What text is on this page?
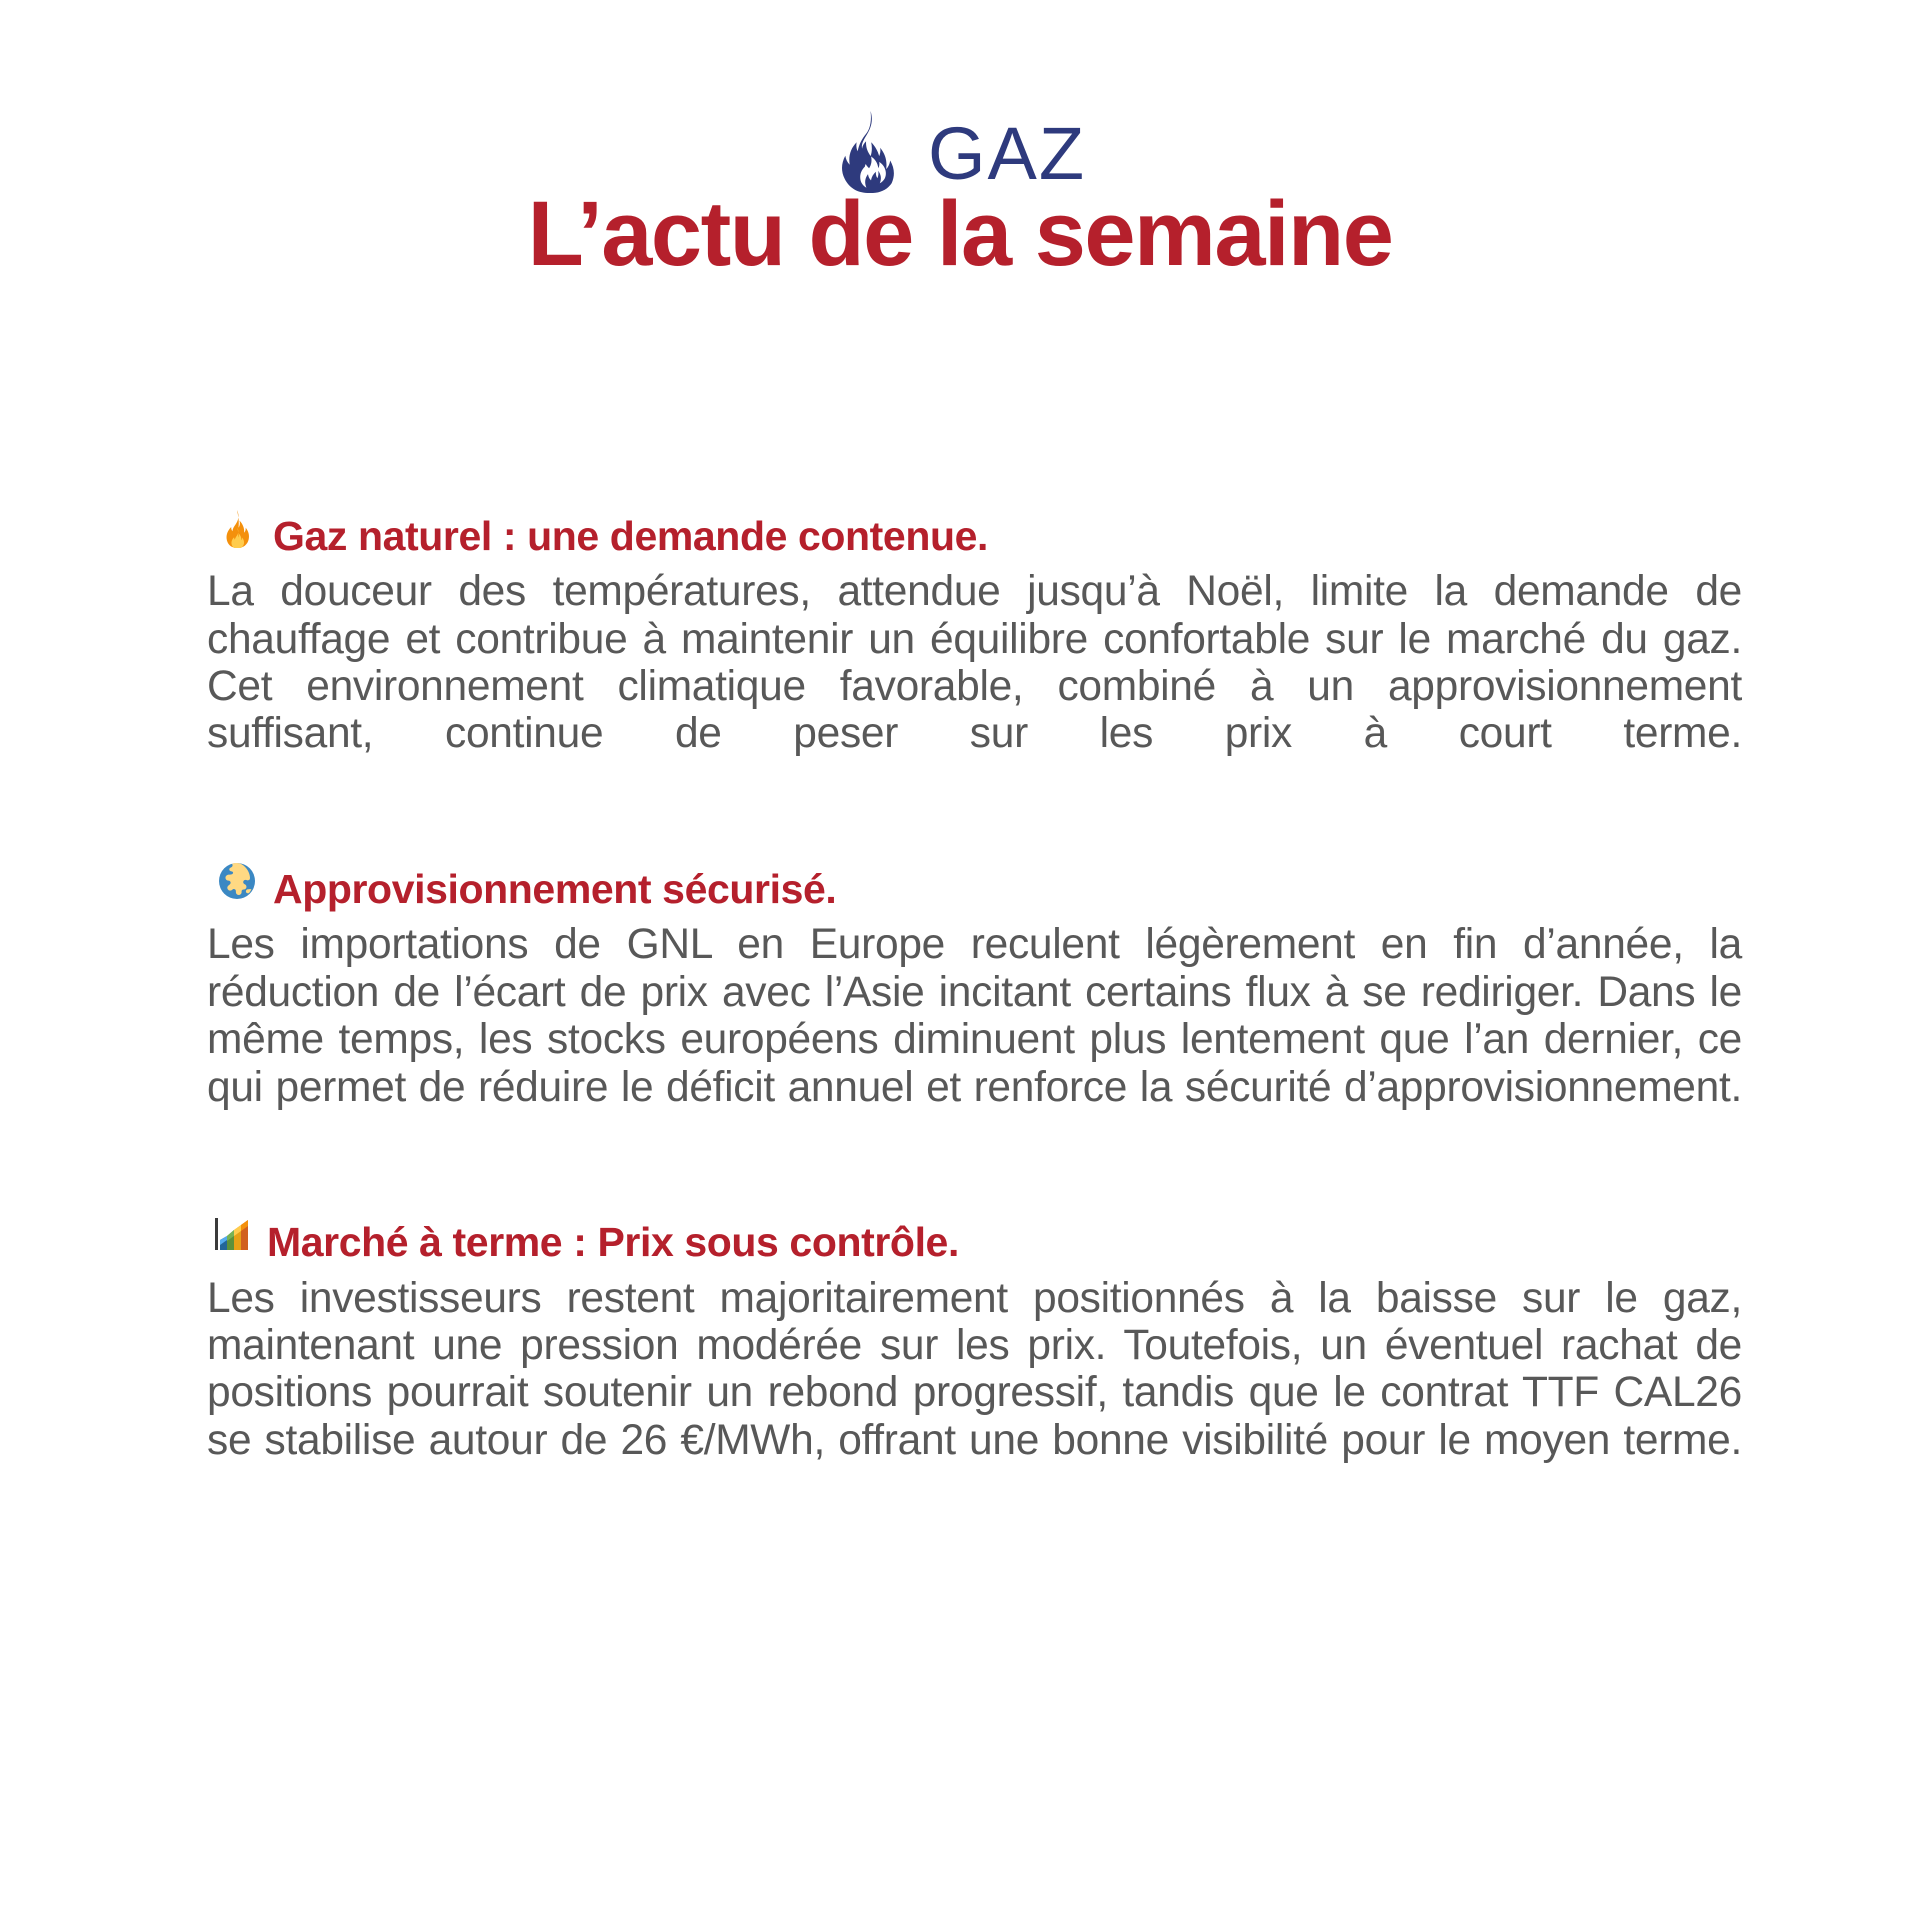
GAZ
L’actu de la semaine
Gaz naturel : une demande contenue.

La douceur des températures, attendue jusqu’à Noël, limite la demande de chauffage et contribue à maintenir un équilibre confortable sur le marché du gaz. Cet environnement climatique favorable, combiné à un approvisionnement suffisant, continue de peser sur les prix à court terme.

Approvisionnement sécurisé.

Les importations de GNL en Europe reculent légèrement en fin d’année, la réduction de l’écart de prix avec l’Asie incitant certains flux à se rediriger. Dans le même temps, les stocks européens diminuent plus lentement que l’an dernier, ce qui permet de réduire le déficit annuel et renforce la sécurité d’approvisionnement.

Marché à terme : Prix sous contrôle.

Les investisseurs restent majoritairement positionnés à la baisse sur le gaz, maintenant une pression modérée sur les prix. Toutefois, un éventuel rachat de positions pourrait soutenir un rebond progressif, tandis que le contrat TTF CAL26 se stabilise autour de 26 €/MWh, offrant une bonne visibilité pour le moyen terme.
